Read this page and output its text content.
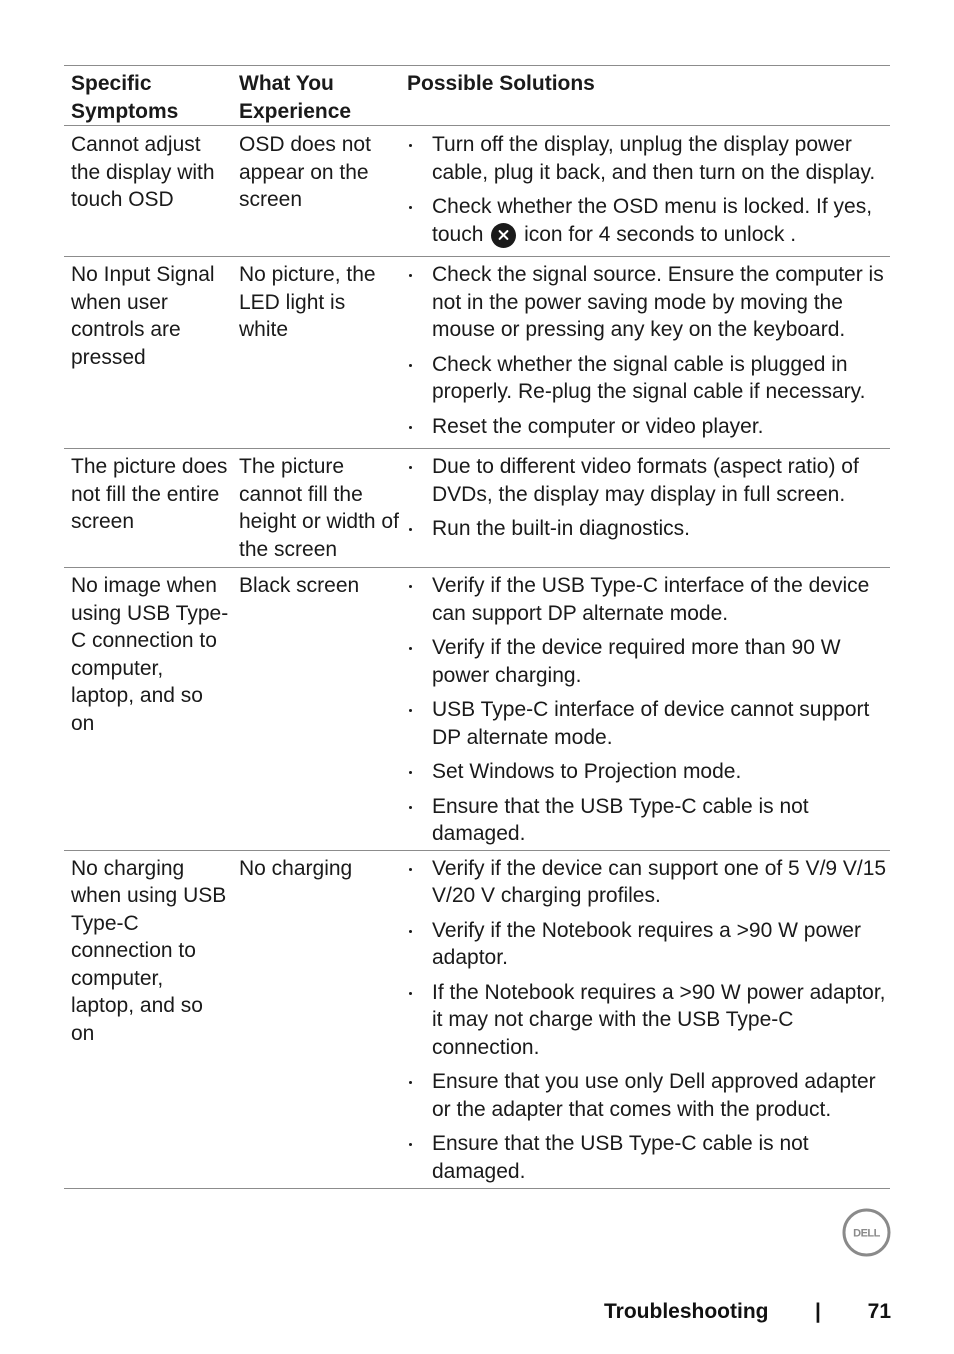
Specific Symptoms
What You Experience
Possible Solutions
Cannot adjust the display with touch OSD
OSD does not appear on the screen
Turn off the display, unplug the display power cable, plug it back, and then turn on the display.
Check whether the OSD menu is locked. If yes, touch icon for 4 seconds to unlock .
No Input Signal when user controls are pressed
No picture, the LED light is white
Check the signal source. Ensure the computer is not in the power saving mode by moving the mouse or pressing any key on the keyboard.
Check whether the signal cable is plugged in properly. Re-plug the signal cable if necessary.
Reset the computer or video player.
The picture does not fill the entire screen
The picture cannot fill the height or width of the screen
Due to different video formats (aspect ratio) of DVDs, the display may display in full screen.
Run the built-in diagnostics.
No image when using USB Type-C connection to computer, laptop, and so on
Black screen	Verify if the USB Type-C interface of the device can support DP alternate mode.
Verify if the device required more than 90 W power charging.
USB Type-C interface of device cannot support DP alternate mode.
Set Windows to Projection mode.
Ensure that the USB Type-C cable is not damaged.
No charging when using USB Type-C connection to computer, laptop, and so on
No charging	Verify if the device can support one of 5 V/9 V/15 V/20 V charging profiles.
Verify if the Notebook requires a >90 W power adaptor.
If the Notebook requires a >90 W power adaptor, it may not charge with the USB Type-C connection.
Ensure that you use only Dell approved adapter or the adapter that comes with the product.
Ensure that the USB Type-C cable is not damaged.
DELL
Troubleshooting | 71
